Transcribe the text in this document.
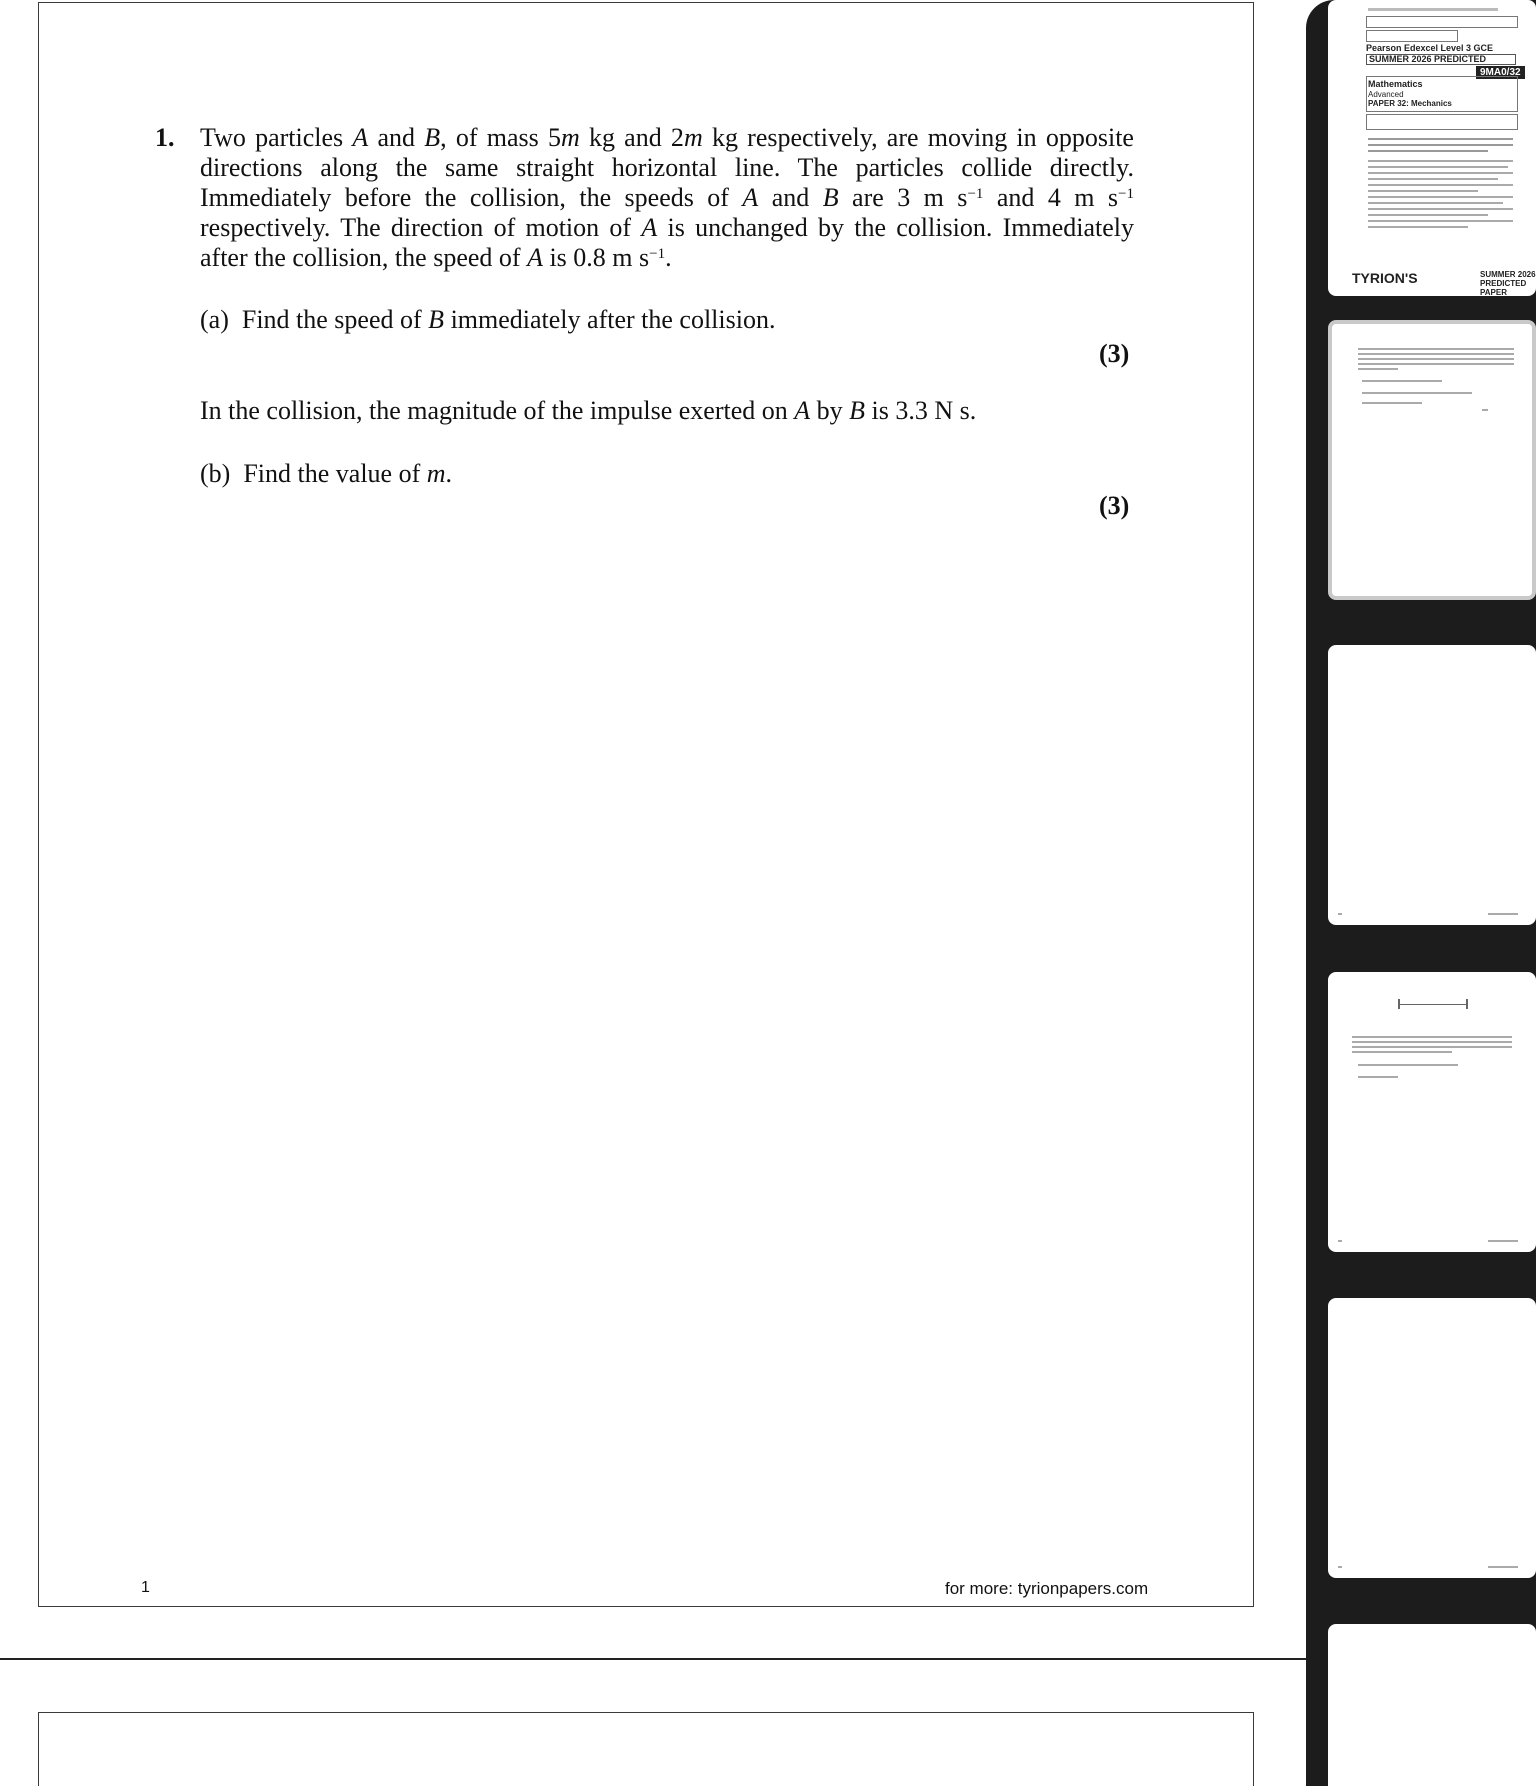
1. Two particles A and B, of mass 5m kg and 2m kg respectively, are moving in opposite directions along the same straight horizontal line. The particles collide directly. Immediately before the collision, the speeds of A and B are 3 m $s^{-1}$ and 4 m $s^{-1}$ respectively. The direction of motion of A is unchanged by the collision. Immediately after the collision, the speed of A is 0.8 m $s^{-1}$.
(a) Find the speed of B immediately after the collision.
(3)
In the collision, the magnitude of the impulse exerted on A by B is 3.3 N s.
(b) Find the value of m.
(3)
1	for more: tyrionpapers.com
Pearson Edexcel Level 3 GCE
SUMMER 2026 PREDICTED
9MA0/32
Mathematics
Advanced
PAPER 32: Mechanics
TYRION'S	SUMMER 2026 PREDICTED PAPER
